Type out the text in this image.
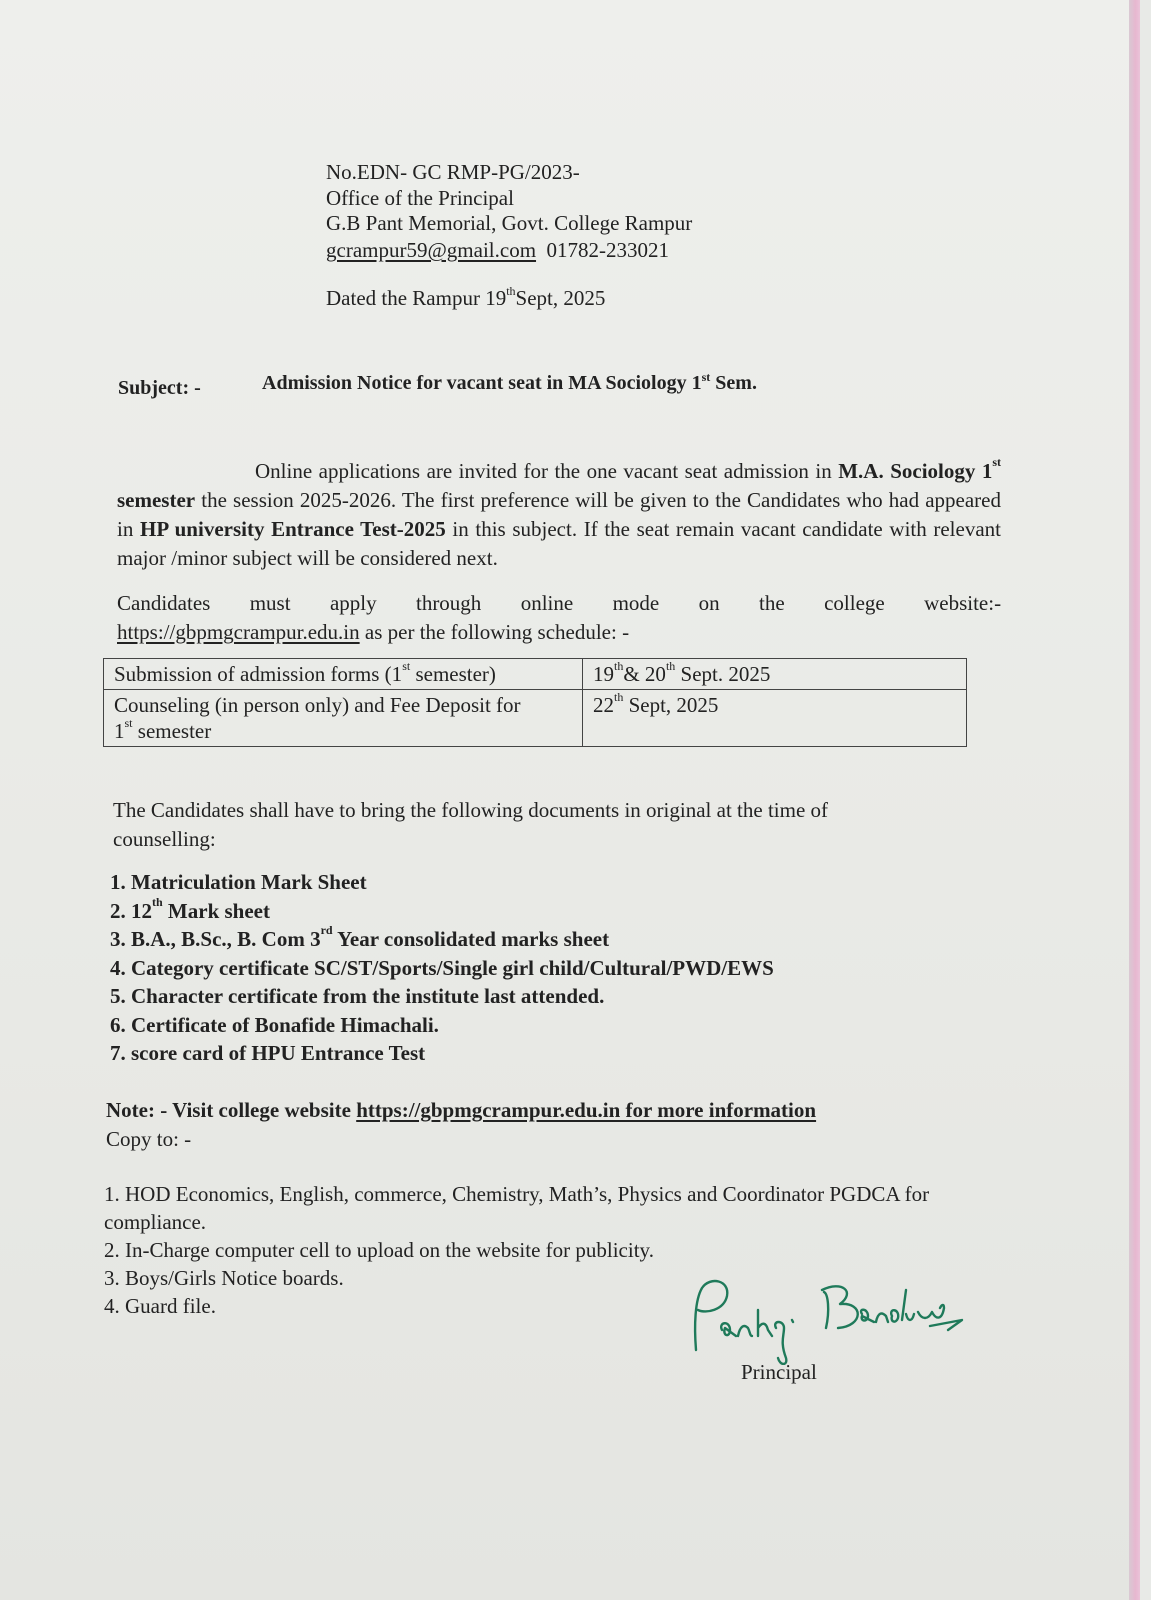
No.EDN- GC RMP-PG/2023-
Office of the Principal
G.B Pant Memorial, Govt. College Rampur
gcrampur59@gmail.com 01782-233021
Dated the Rampur 19thSept, 2025
Subject: -	Admission Notice for vacant seat in MA Sociology 1st Sem.
Online applications are invited for the one vacant seat admission in M.A. Sociology 1st semester the session 2025-2026. The first preference will be given to the Candidates who had appeared in HP university Entrance Test-2025 in this subject. If the seat remain vacant candidate with relevant major /minor subject will be considered next.
Candidates must apply through online mode on the college website:-
https://gbpmgcrampur.edu.in as per the following schedule: -
Submission of admission forms (1st semester)	19th& 20th Sept. 2025
Counseling (in person only) and Fee Deposit for
1st semester	22th Sept, 2025
The Candidates shall have to bring the following documents in original at the time of counselling:
1. Matriculation Mark Sheet
2. 12th Mark sheet
3. B.A., B.Sc., B. Com 3rd Year consolidated marks sheet
4. Category certificate SC/ST/Sports/Single girl child/Cultural/PWD/EWS
5. Character certificate from the institute last attended.
6. Certificate of Bonafide Himachali.
7. score card of HPU Entrance Test
Note: - Visit college website https://gbpmgcrampur.edu.in for more information
Copy to: -
1. HOD Economics, English, commerce, Chemistry, Math’s, Physics and Coordinator PGDCA for compliance.
2. In-Charge computer cell to upload on the website for publicity.
3. Boys/Girls Notice boards.
4. Guard file.
Principal
